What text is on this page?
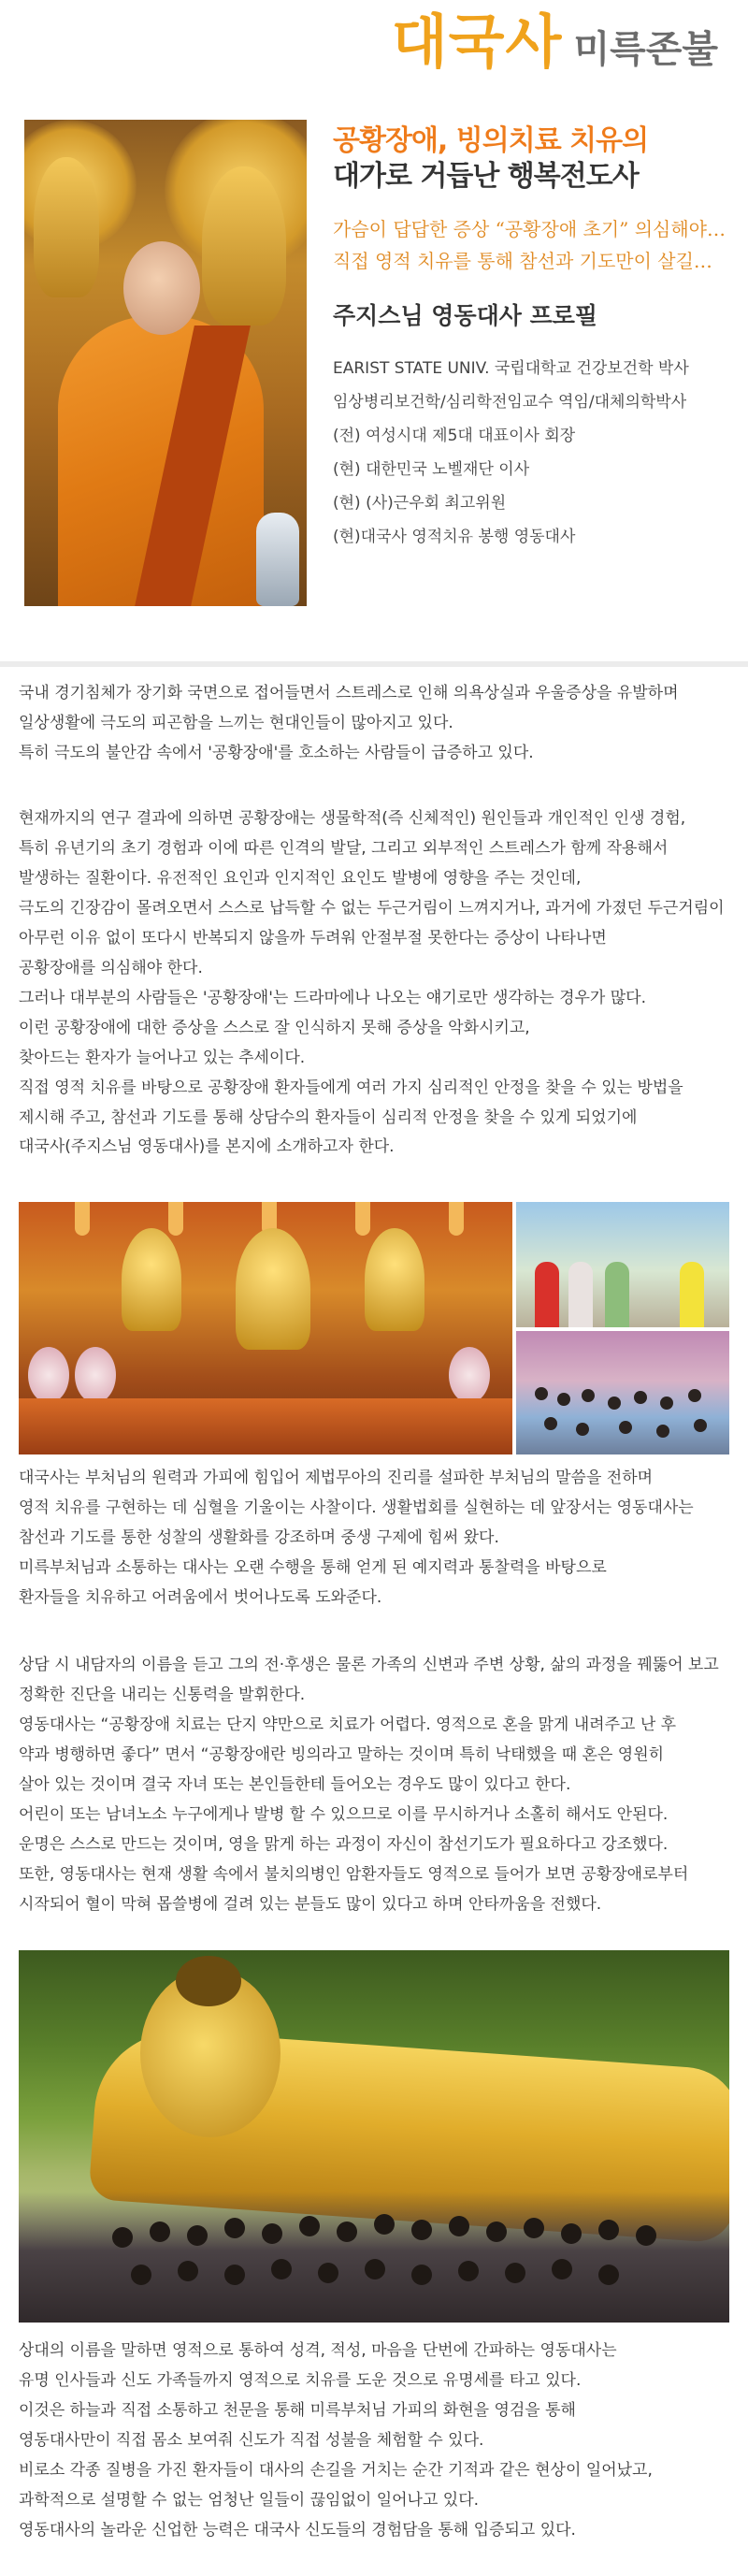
대국사 미륵존불
공황장애, 빙의치료 치유의
대가로 거듭난 행복전도사
가슴이 답답한 증상 “공황장애 초기” 의심해야…
직접 영적 치유를 통해 참선과 기도만이 살길…
주지스님 영동대사 프로필
EARIST STATE UNIV. 국립대학교 건강보건학 박사
임상병리보건학/심리학전임교수 역임/대체의학박사
(전) 여성시대 제5대 대표이사 회장
(현) 대한민국 노벨재단 이사
(현) (사)근우회 최고위원
(현)대국사 영적치유 봉행 영동대사

국내 경기침체가 장기화 국면으로 접어들면서 스트레스로 인해 의욕상실과 우울증상을 유발하며

일상생활에 극도의 피곤함을 느끼는 현대인들이 많아지고 있다.

특히 극도의 불안감 속에서 '공황장애'를 호소하는 사람들이 급증하고 있다.

현재까지의 연구 결과에 의하면 공황장애는 생물학적(즉 신체적인) 원인들과 개인적인 인생 경험,

특히 유년기의 초기 경험과 이에 따른 인격의 발달, 그리고 외부적인 스트레스가 함께 작용해서

발생하는 질환이다. 유전적인 요인과 인지적인 요인도 발병에 영향을 주는 것인데,

극도의 긴장감이 몰려오면서 스스로 납득할 수 없는 두근거림이 느껴지거나, 과거에 가졌던 두근거림이

아무런 이유 없이 또다시 반복되지 않을까 두려워 안절부절 못한다는 증상이 나타나면

공황장애를 의심해야 한다.

그러나 대부분의 사람들은 '공황장애'는 드라마에나 나오는 얘기로만 생각하는 경우가 많다.

이런 공황장애에 대한 증상을 스스로 잘 인식하지 못해 증상을 악화시키고,

찾아드는 환자가 늘어나고 있는 추세이다.

직접 영적 치유를 바탕으로 공황장애 환자들에게 여러 가지 심리적인 안정을 찾을 수 있는 방법을

제시해 주고, 참선과 기도를 통해 상담수의 환자들이 심리적 안정을 찾을 수 있게 되었기에

대국사(주지스님 영동대사)를 본지에 소개하고자 한다.

대국사는 부처님의 원력과 가피에 힘입어 제법무아의 진리를 설파한 부처님의 말씀을 전하며

영적 치유를 구현하는 데 심혈을 기울이는 사찰이다. 생활법회를 실현하는 데 앞장서는 영동대사는

참선과 기도를 통한 성찰의 생활화를 강조하며 중생 구제에 힘써 왔다.

미륵부처님과 소통하는 대사는 오랜 수행을 통해 얻게 된 예지력과 통찰력을 바탕으로

환자들을 치유하고 어려움에서 벗어나도록 도와준다.

상담 시 내담자의 이름을 듣고 그의 전·후생은 물론 가족의 신변과 주변 상황, 삶의 과정을 꿰뚫어 보고

정확한 진단을 내리는 신통력을 발휘한다.

영동대사는 “공황장애 치료는 단지 약만으로 치료가 어렵다. 영적으로 혼을 맑게 내려주고 난 후

약과 병행하면 좋다” 면서 “공황장애란 빙의라고 말하는 것이며 특히 낙태했을 때 혼은 영원히

살아 있는 것이며 결국 자녀 또는 본인들한테 들어오는 경우도 많이 있다고 한다.

어린이 또는 남녀노소 누구에게나 발병 할 수 있으므로 이를 무시하거나 소홀히 해서도 안된다.

운명은 스스로 만드는 것이며, 영을 맑게 하는 과정이 자신이 참선기도가 필요하다고 강조했다.

또한, 영동대사는 현재 생활 속에서 불치의병인 암환자들도 영적으로 들어가 보면 공황장애로부터

시작되어 혈이 막혀 몹쓸병에 걸려 있는 분들도 많이 있다고 하며 안타까움을 전했다.

상대의 이름을 말하면 영적으로 통하여 성격, 적성, 마음을 단번에 간파하는 영동대사는

유명 인사들과 신도 가족들까지 영적으로 치유를 도운 것으로 유명세를 타고 있다.

이것은 하늘과 직접 소통하고 천문을 통해 미륵부처님 가피의 화현을 영검을 통해

영동대사만이 직접 몸소 보여줘 신도가 직접 성불을 체험할 수 있다.

비로소 각종 질병을 가진 환자들이 대사의 손길을 거치는 순간 기적과 같은 현상이 일어났고,

과학적으로 설명할 수 없는 엄청난 일들이 끊임없이 일어나고 있다.

영동대사의 놀라운 신업한 능력은 대국사 신도들의 경험담을 통해 입증되고 있다.
